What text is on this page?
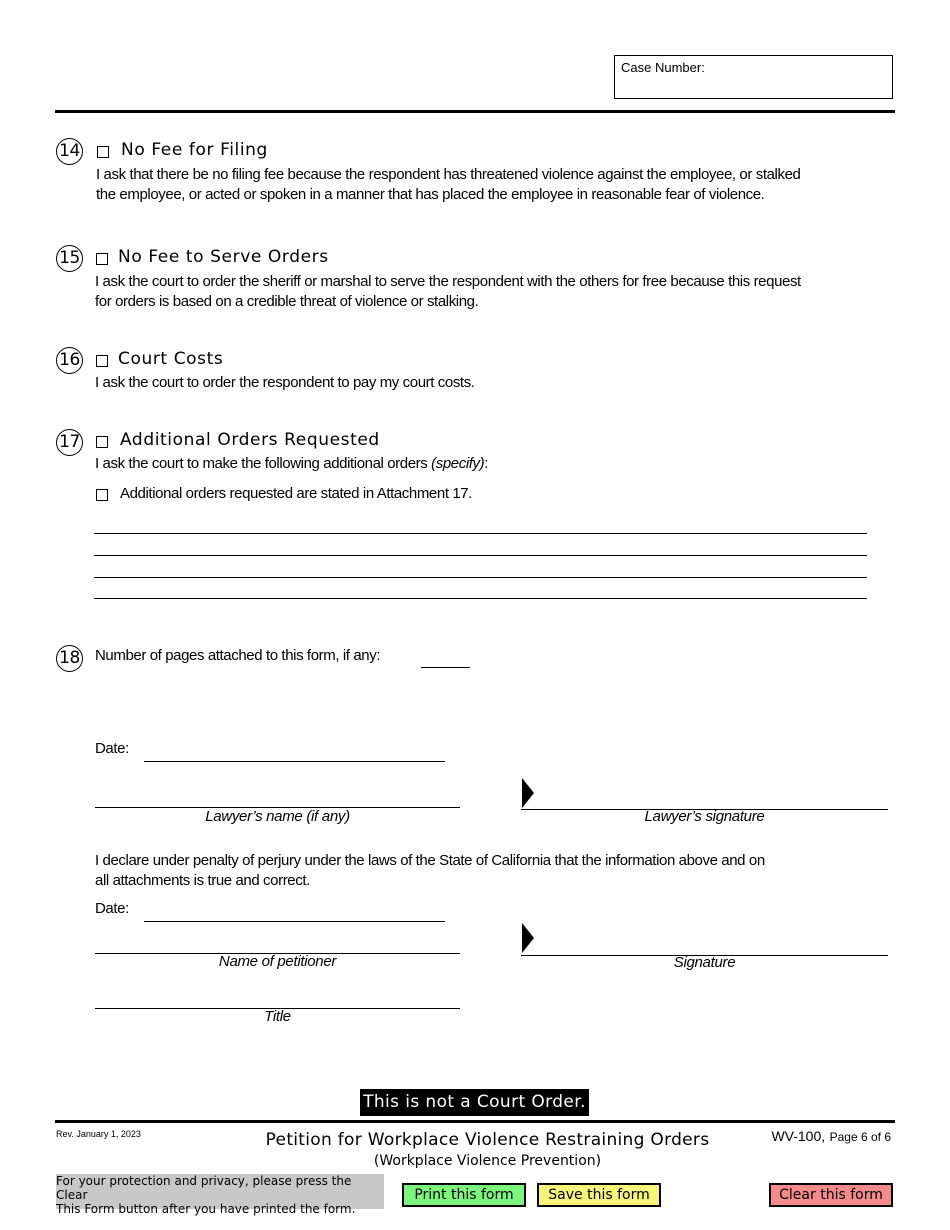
Case Number:
14 No Fee for Filing
I ask that there be no filing fee because the respondent has threatened violence against the employee, or stalked
the employee, or acted or spoken in a manner that has placed the employee in reasonable fear of violence.
15 No Fee to Serve Orders
I ask the court to order the sheriff or marshal to serve the respondent with the others for free because this request
for orders is based on a credible threat of violence or stalking.
16 Court Costs
I ask the court to order the respondent to pay my court costs.
17 Additional Orders Requested
I ask the court to make the following additional orders (specify):
Additional orders requested are stated in Attachment 17.
18 Number of pages attached to this form, if any:
Date:
Lawyer’s name (if any)	Lawyer’s signature
I declare under penalty of perjury under the laws of the State of California that the information above and on
all attachments is true and correct.
Date:
Name of petitioner	Signature
Title
This is not a Court Order.
Rev. January 1, 2023	Petition for Workplace Violence Restraining Orders
(Workplace Violence Prevention)
WV-100, Page 6 of 6
For your protection and privacy, please press the Clear
This Form button after you have printed the form.
Print this form	Save this form	Clear this form
